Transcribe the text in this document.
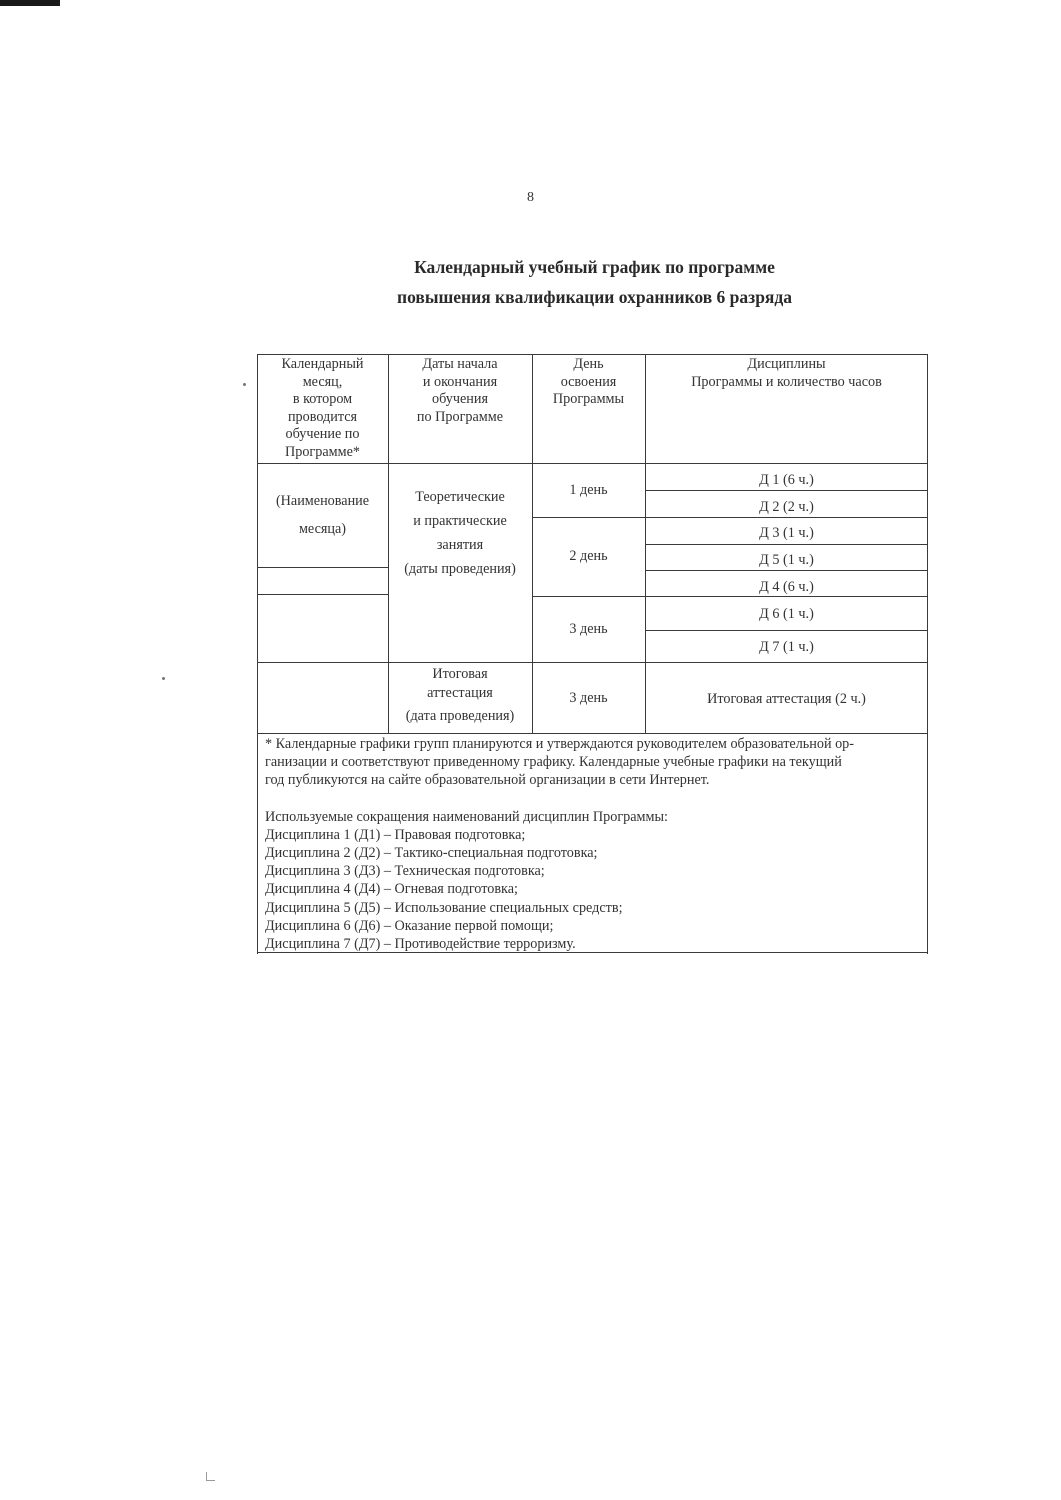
8
Календарный учебный график по программе
повышения квалификации охранников 6 разряда
Календарный
месяц,
в котором
проводится
обучение по
Программе*
Даты начала
и окончания
обучения
по Программе
День
освоения
Программы
Дисциплины
Программы и количество часов
(Наименование
месяца)
Теоретические
и практические
занятия
(даты проведения)
1 день
2 день
3 день
Д 1 (6 ч.)
Д 2 (2 ч.)
Д 3 (1 ч.)
Д 5 (1 ч.)
Д 4 (6 ч.)
Д 6 (1 ч.)
Д 7 (1 ч.)
Итоговая
аттестация
(дата проведения)
3 день	Итоговая аттестация (2 ч.)

* Календарные графики групп планируются и утверждаются руководителем образовательной ор-

ганизации и соответствуют приведенному графику. Календарные учебные графики на текущий

год публикуются на сайте образовательной организации в сети Интернет.

Используемые сокращения наименований дисциплин Программы:

Дисциплина 1 (Д1) – Правовая подготовка;

Дисциплина 2 (Д2) – Тактико-специальная подготовка;

Дисциплина 3 (Д3) – Техническая подготовка;

Дисциплина 4 (Д4) – Огневая подготовка;

Дисциплина 5 (Д5) – Использование специальных средств;

Дисциплина 6 (Д6) – Оказание первой помощи;

Дисциплина 7 (Д7) – Противодействие терроризму.
